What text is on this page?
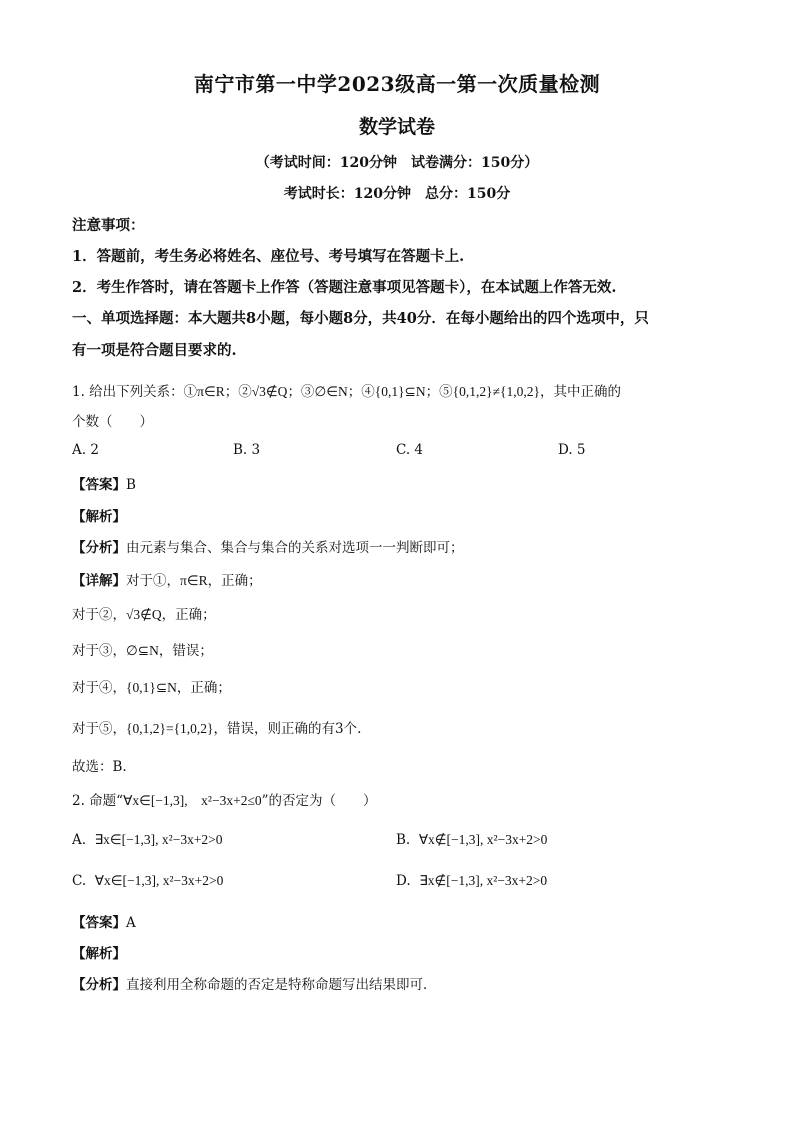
南宁市第一中学2023级高一第一次质量检测
数学试卷
（考试时间：120分钟　试卷满分：150分）
考试时长：120分钟　总分：150分
注意事项：
1．答题前，考生务必将姓名、座位号、考号填写在答题卡上.
2．考生作答时，请在答题卡上作答（答题注意事项见答题卡），在本试题上作答无效.
一、单项选择题：本大题共8小题，每小题8分，共40分．在每小题给出的四个选项中，只
有一项是符合题目要求的.
1. 给出下列关系：①π∈R；②√3∉Q；③∅∈N；④{0,1}⊆N；⑤{0,1,2}≠{1,0,2}，其中正确的
个数（　　）
A. 2	B. 3	C. 4	D. 5
【答案】B
【解析】
【分析】由元素与集合、集合与集合的关系对选项一一判断即可；
【详解】对于①，π∈R，正确；
对于②，√3∉Q，正确；
对于③，∅⊆N，错误；
对于④，{0,1}⊆N，正确；
对于⑤，{0,1,2}={1,0,2}，错误，则正确的有3个.
故选：B.
2. 命题“∀x∈[−1,3],　x²−3x+2≤0”的否定为（　　）
A. ∃x∈[−1,3], x²−3x+2>0	B. ∀x∉[−1,3], x²−3x+2>0
C. ∀x∈[−1,3], x²−3x+2>0	D. ∃x∉[−1,3], x²−3x+2>0
【答案】A
【解析】
【分析】直接利用全称命题的否定是特称命题写出结果即可．
